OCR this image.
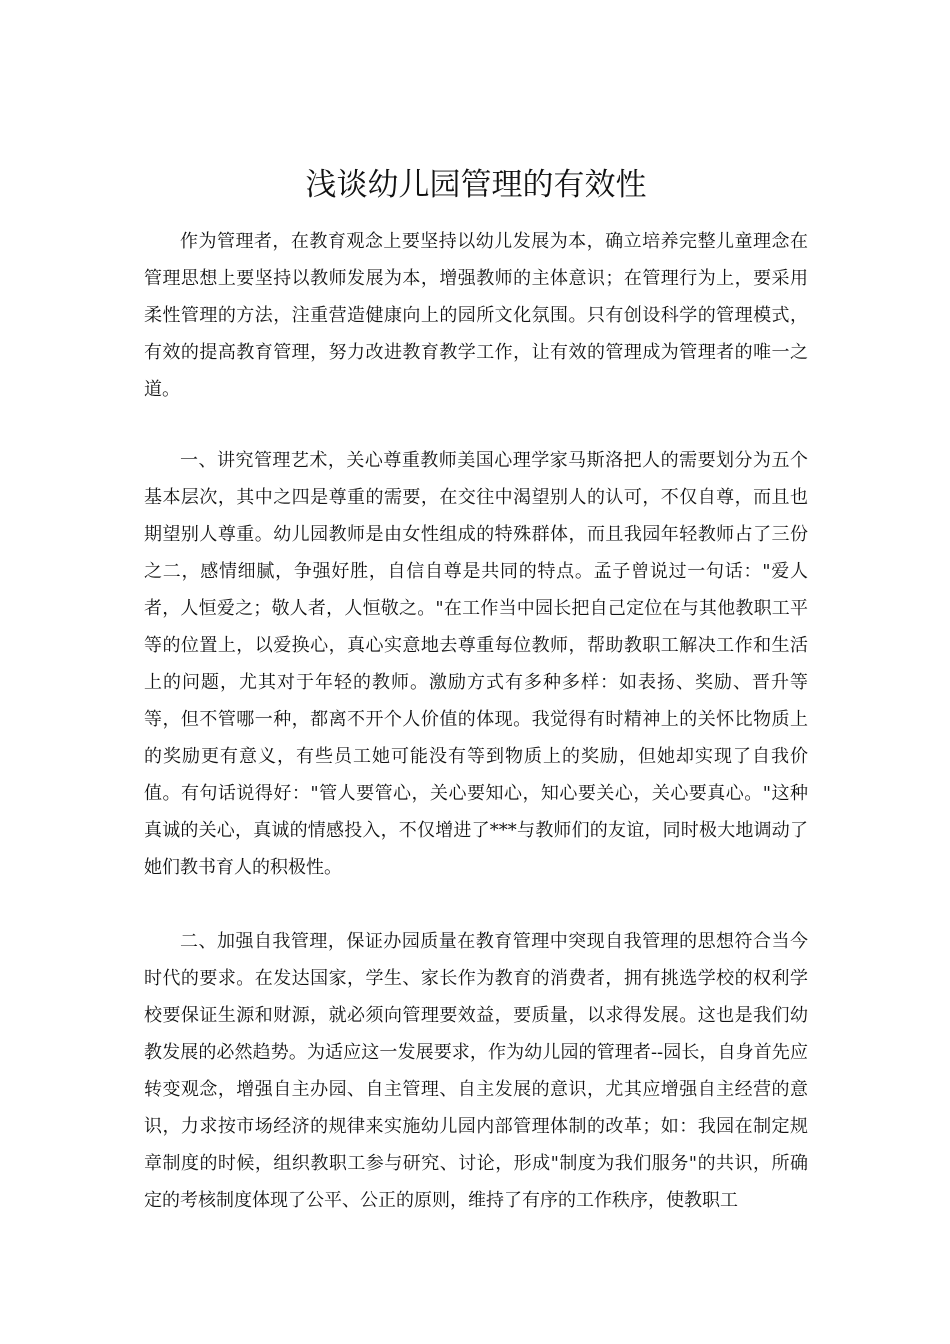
浅谈幼儿园管理的有效性

作为管理者，在教育观念上要坚持以幼儿发展为本，确立培养完整儿童理念在管理思想上要坚持以教师发展为本，增强教师的主体意识；在管理行为上，要采用柔性管理的方法，注重营造健康向上的园所文化氛围。只有创设科学的管理模式，有效的提高教育管理，努力改进教育教学工作，让有效的管理成为管理者的唯一之道。

一、讲究管理艺术，关心尊重教师美国心理学家马斯洛把人的需要划分为五个基本层次，其中之四是尊重的需要，在交往中渴望别人的认可，不仅自尊，而且也期望别人尊重。幼儿园教师是由女性组成的特殊群体，而且我园年轻教师占了三份之二，感情细腻，争强好胜，自信自尊是共同的特点。孟子曾说过一句话："爱人者，人恒爱之；敬人者，人恒敬之。"在工作当中园长把自己定位在与其他教职工平等的位置上，以爱换心，真心实意地去尊重每位教师，帮助教职工解决工作和生活上的问题，尤其对于年轻的教师。激励方式有多种多样：如表扬、奖励、晋升等等，但不管哪一种，都离不开个人价值的体现。我觉得有时精神上的关怀比物质上的奖励更有意义，有些员工她可能没有等到物质上的奖励，但她却实现了自我价值。有句话说得好："管人要管心，关心要知心，知心要关心，关心要真心。"这种真诚的关心，真诚的情感投入，不仅增进了***与教师们的友谊，同时极大地调动了她们教书育人的积极性。

二、加强自我管理，保证办园质量在教育管理中突现自我管理的思想符合当今时代的要求。在发达国家，学生、家长作为教育的消费者，拥有挑选学校的权利学校要保证生源和财源，就必须向管理要效益，要质量，以求得发展。这也是我们幼教发展的必然趋势。为适应这一发展要求，作为幼儿园的管理者--园长，自身首先应转变观念，增强自主办园、自主管理、自主发展的意识，尤其应增强自主经营的意识，力求按市场经济的规律来实施幼儿园内部管理体制的改革；如：我园在制定规章制度的时候，组织教职工参与研究、讨论，形成"制度为我们服务"的共识，所确定的考核制度体现了公平、公正的原则，维持了有序的工作秩序，使教职工
